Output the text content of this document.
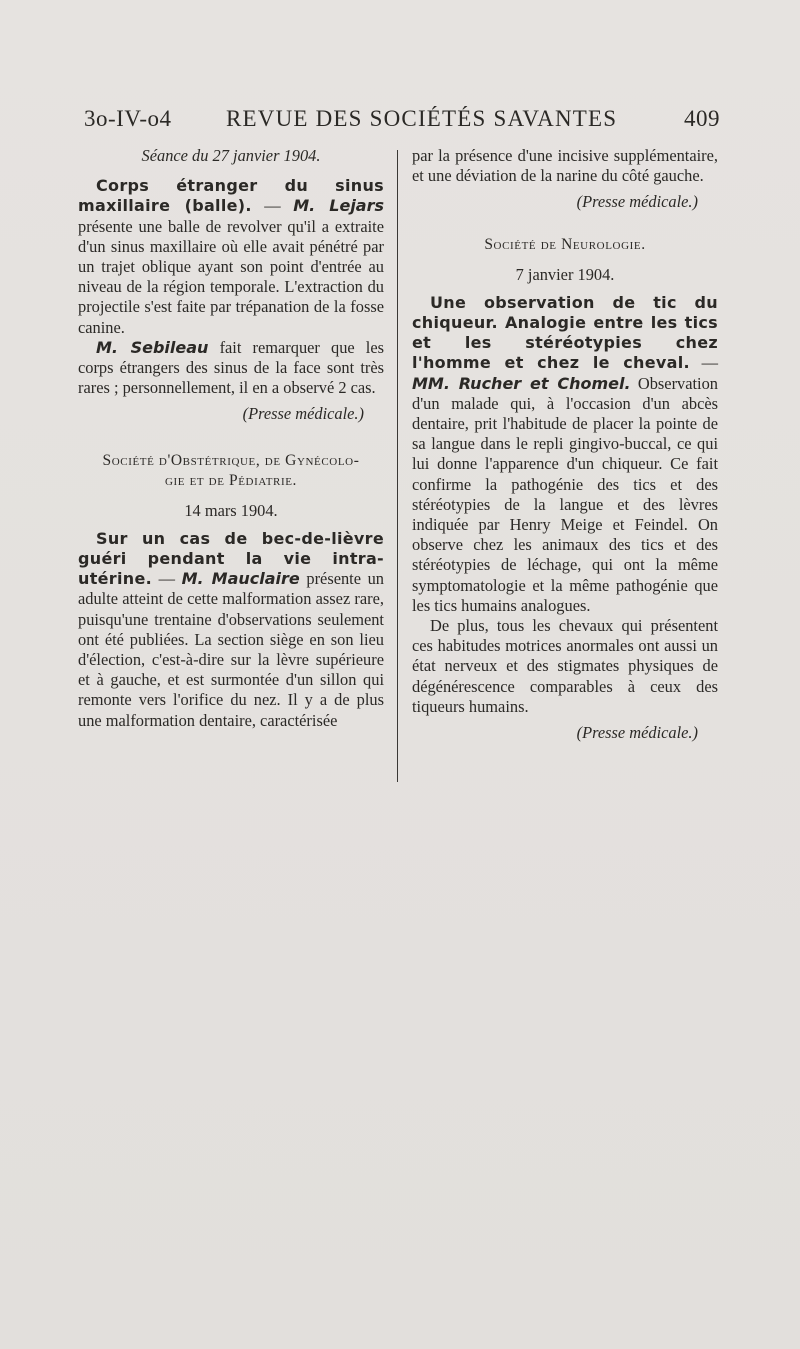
3o-IV-o4 REVUE DES SOCIÉTÉS SAVANTES	409

Séance du 27 janvier 1904.

Corps étranger du sinus maxillaire (balle). — M. Lejars présente une balle de revolver qu'il a extraite d'un sinus maxillaire où elle avait pénétré par un trajet oblique ayant son point d'entrée au niveau de la région temporale. L'extraction du projectile s'est faite par trépanation de la fosse canine.

M. Sebileau fait remarquer que les corps étrangers des sinus de la face sont très rares ; personnellement, il en a observé 2 cas.

(Presse médicale.)

Société d'Obstétrique, de Gynécolo-

gie et de Pédiatrie.

14 mars 1904.

Sur un cas de bec-de-lièvre guéri pendant la vie intra-utérine. — M. Mauclaire présente un adulte atteint de cette malformation assez rare, puisqu'une trentaine d'observations seulement ont été publiées. La section siège en son lieu d'élection, c'est-à-dire sur la lèvre supérieure et à gauche, et est surmontée d'un sillon qui remonte vers l'orifice du nez. Il y a de plus une malformation dentaire, caractérisée

par la présence d'une incisive supplémentaire, et une déviation de la narine du côté gauche.

(Presse médicale.)

Société de Neurologie.

7 janvier 1904.

Une observation de tic du chiqueur. Analogie entre les tics et les stéréotypies chez l'homme et chez le cheval. — MM. Rucher et Chomel. Observation d'un malade qui, à l'occasion d'un abcès dentaire, prit l'habitude de placer la pointe de sa langue dans le repli gingivo-buccal, ce qui lui donne l'apparence d'un chiqueur. Ce fait confirme la pathogénie des tics et des stéréotypies de la langue et des lèvres indiquée par Henry Meige et Feindel. On observe chez les animaux des tics et des stéréotypies de léchage, qui ont la même symptomatologie et la même pathogénie que les tics humains analogues.

De plus, tous les chevaux qui présentent ces habitudes motrices anormales ont aussi un état nerveux et des stigmates physiques de dégénérescence comparables à ceux des tiqueurs humains.

(Presse médicale.)
